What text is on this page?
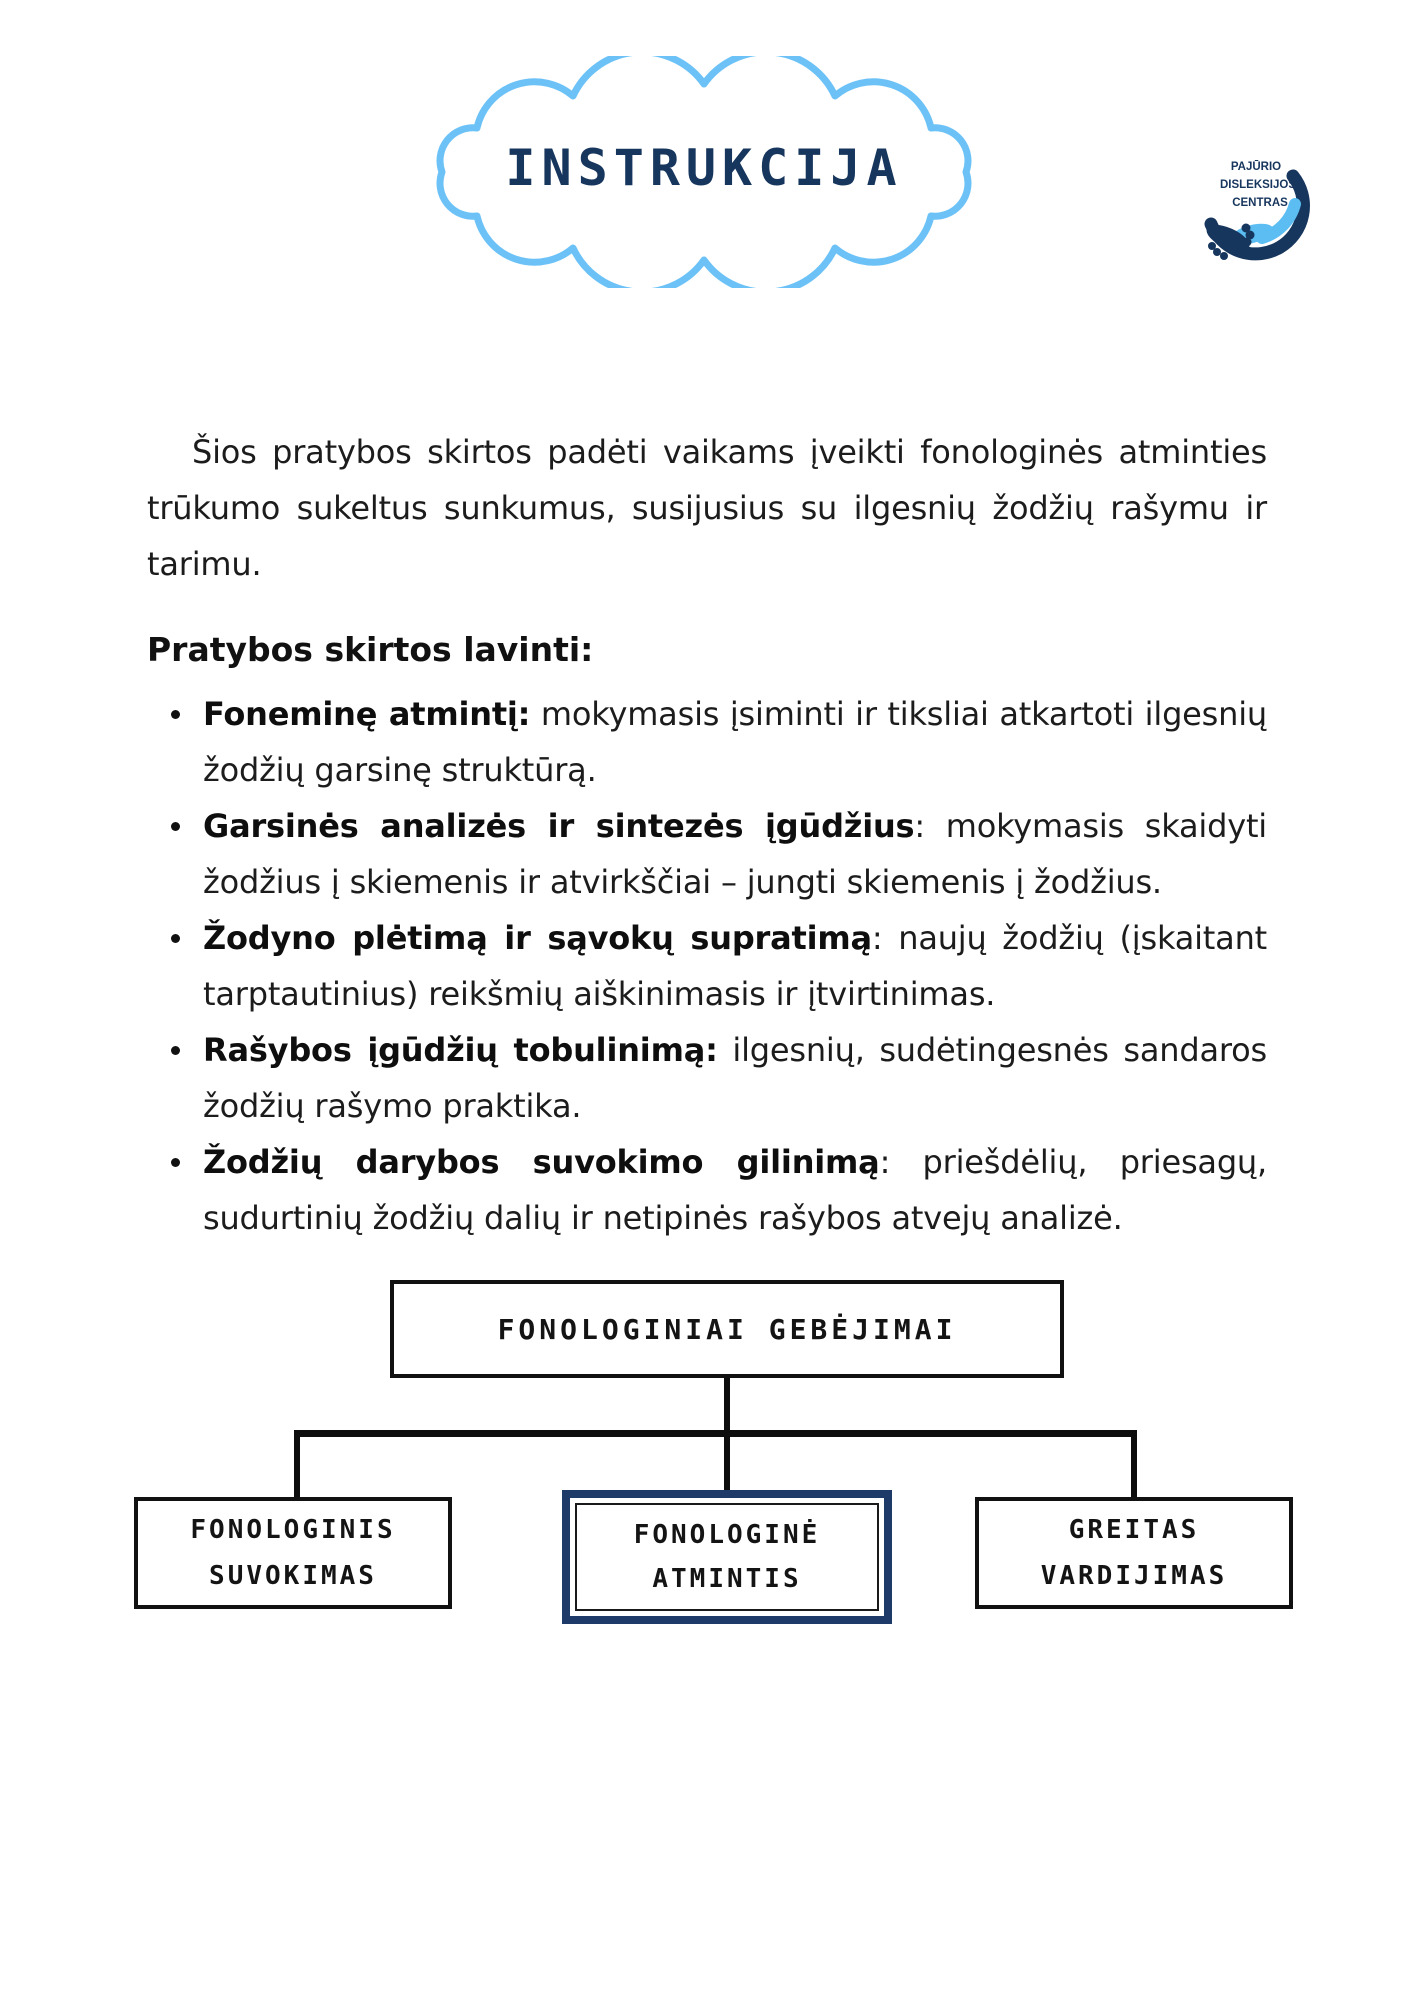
INSTRUKCIJA	PAJŪRIO
DISLEKSIJOS
CENTRAS

Šios pratybos skirtos padėti vaikams įveikti fonologinės atminties trūkumo sukeltus sunkumus, susijusius su ilgesnių žodžių rašymu ir tarimu.

Pratybos skirtos lavinti:
Foneminę atmintį: mokymasis įsiminti ir tiksliai atkartoti ilgesnių žodžių garsinę struktūrą.
Garsinės analizės ir sintezės įgūdžius: mokymasis skaidyti žodžius į skiemenis ir atvirkščiai – jungti skiemenis į žodžius.
Žodyno plėtimą ir sąvokų supratimą: naujų žodžių (įskaitant tarptautinius) reikšmių aiškinimasis ir įtvirtinimas.
Rašybos įgūdžių tobulinimą: ilgesnių, sudėtingesnės sandaros žodžių rašymo praktika.
Žodžių darybos suvokimo gilinimą: priešdėlių, priesagų, sudurtinių žodžių dalių ir netipinės rašybos atvejų analizė.
FONOLOGINIAI GEBĖJIMAI
FONOLOGINIS
SUVOKIMAS
FONOLOGINĖ
ATMINTIS
GREITAS
VARDIJIMAS
